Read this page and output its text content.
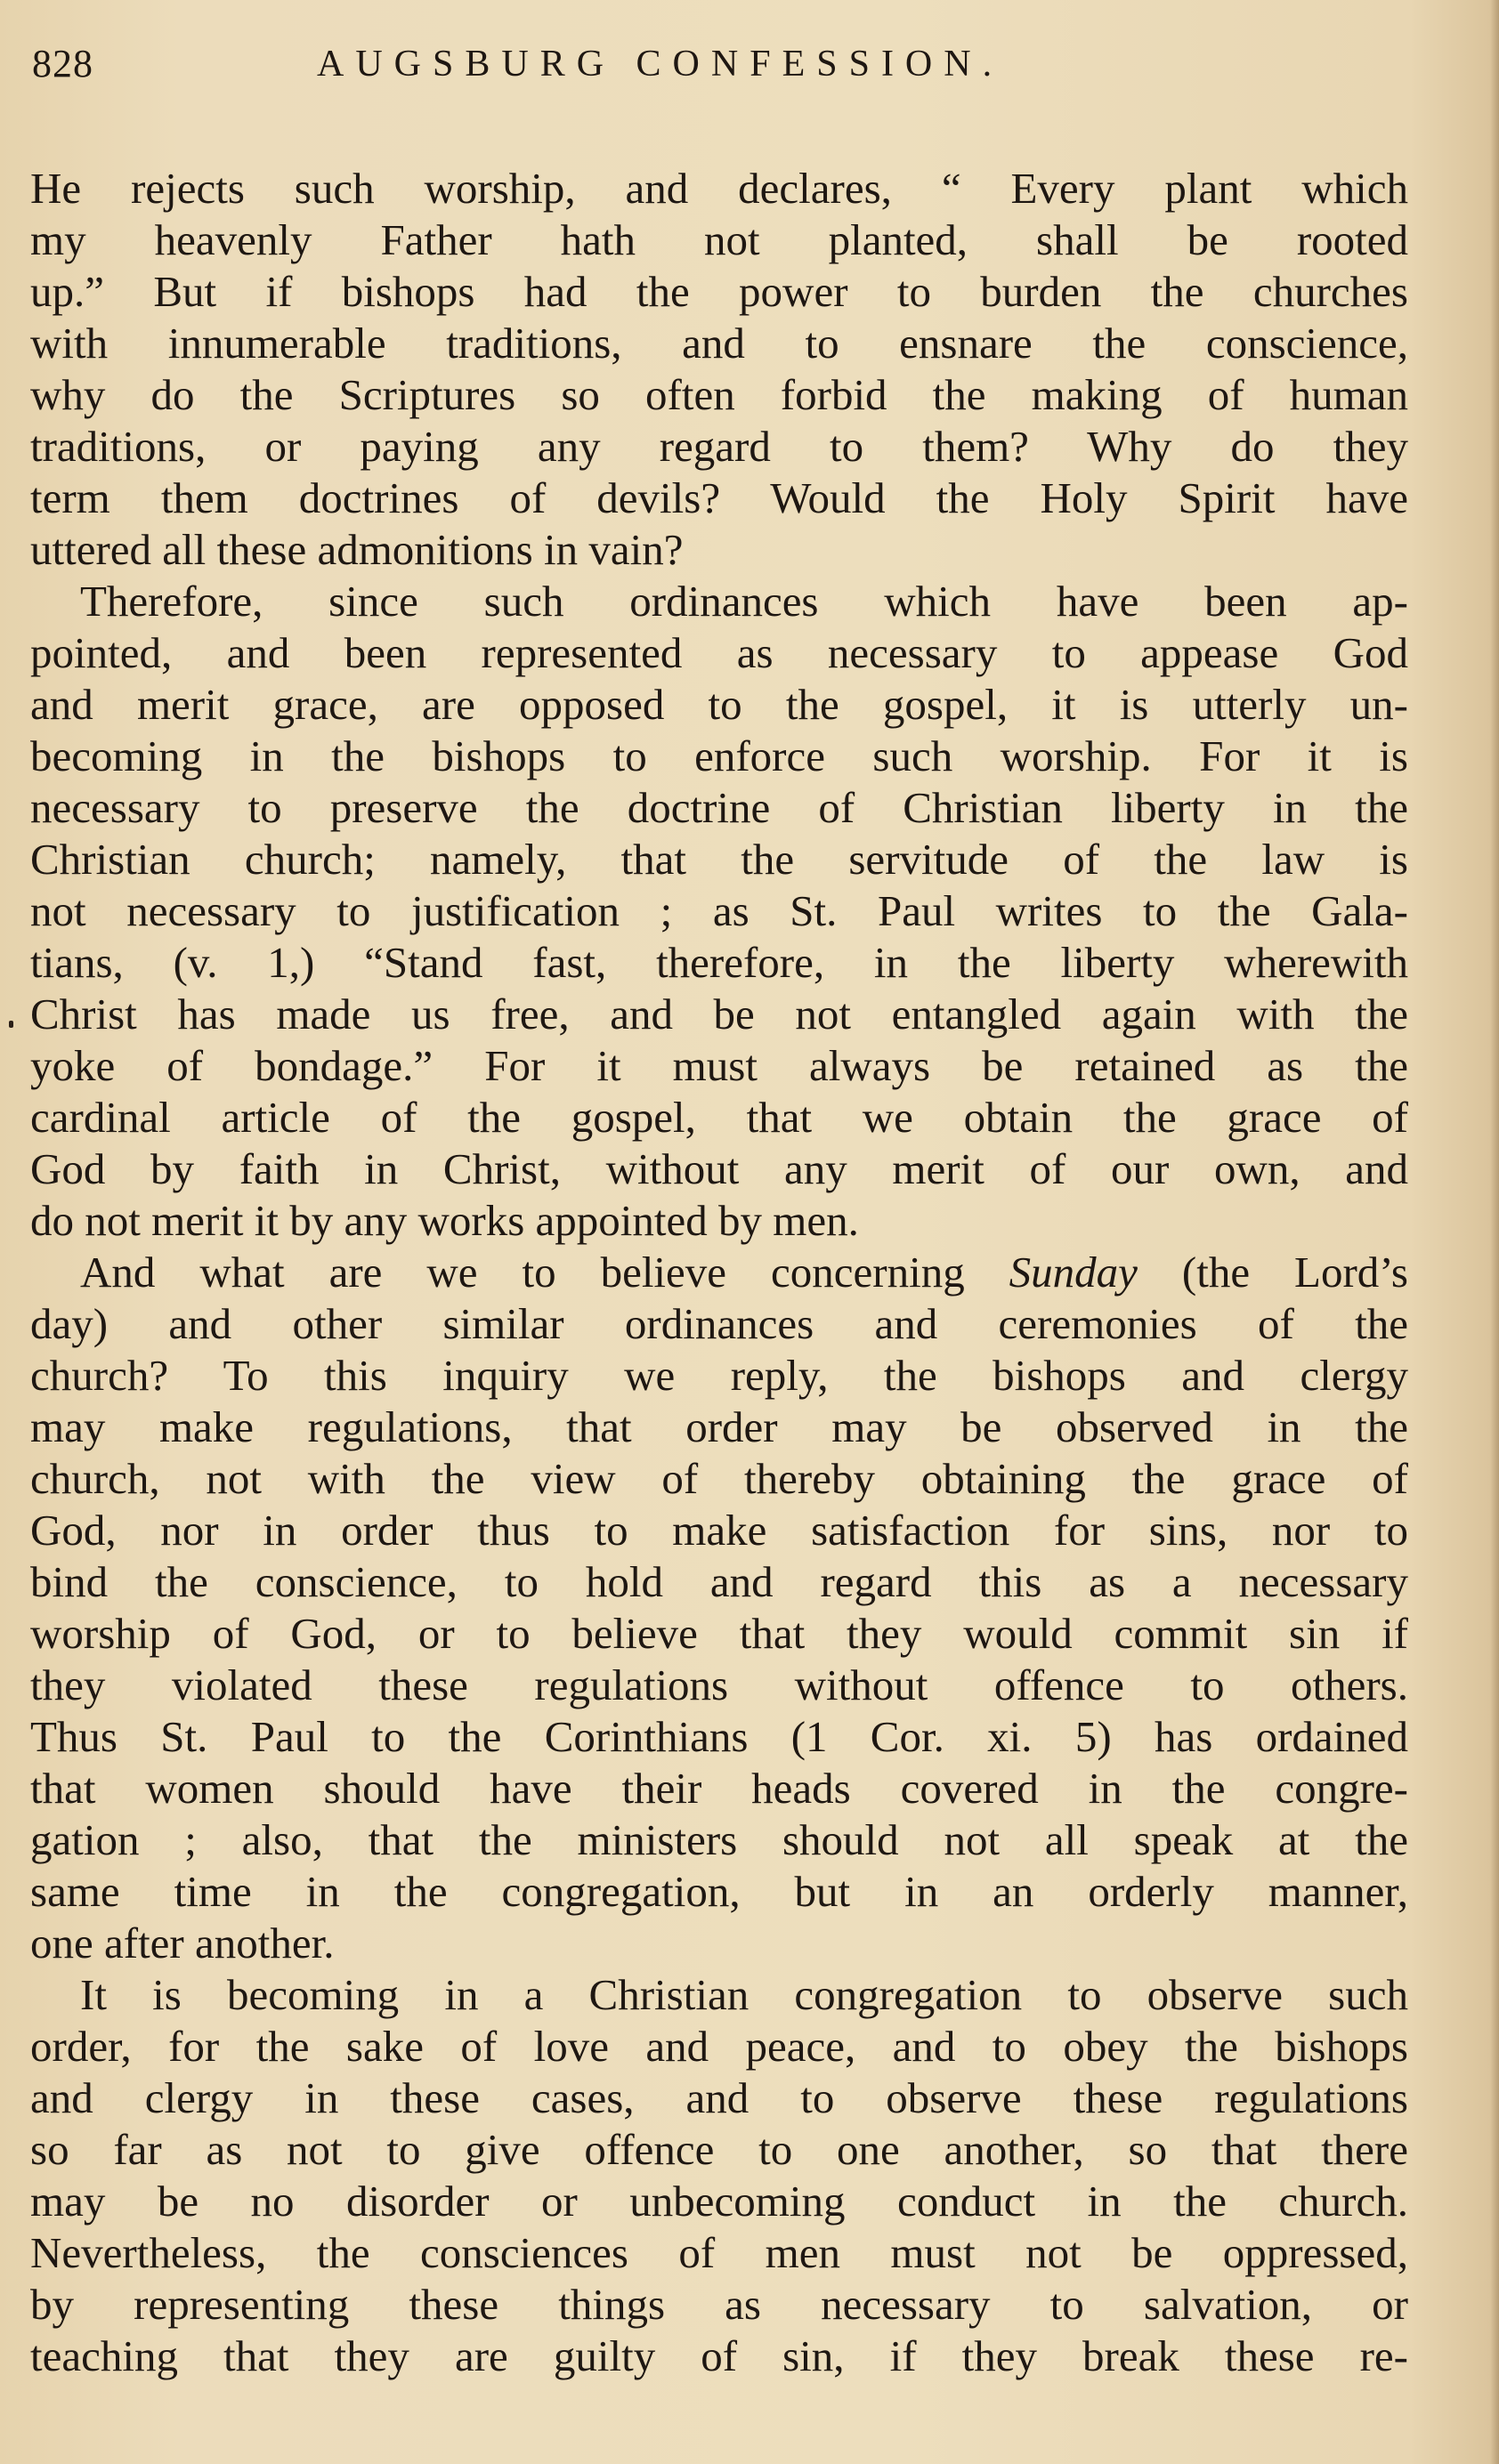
828	AUGSBURG CONFESSION.
He rejects such worship, and declares, “ Every plant which
my heavenly Father hath not planted, shall be rooted
up.” But if bishops had the power to burden the churches
with innumerable traditions, and to ensnare the conscience,
why do the Scriptures so often forbid the making of human
traditions, or paying any regard to them? Why do they
term them doctrines of devils? Would the Holy Spirit have
uttered all these admonitions in vain?
Therefore, since such ordinances which have been ap-
pointed, and been represented as necessary to appease God
and merit grace, are opposed to the gospel, it is utterly un-
becoming in the bishops to enforce such worship. For it is
necessary to preserve the doctrine of Christian liberty in the
Christian church; namely, that the servitude of the law is
not necessary to justification ; as St. Paul writes to the Gala-
tians, (v. 1,) “Stand fast, therefore, in the liberty wherewith
Christ has made us free, and be not entangled again with the
yoke of bondage.” For it must always be retained as the
cardinal article of the gospel, that we obtain the grace of
God by faith in Christ, without any merit of our own, and
do not merit it by any works appointed by men.
And what are we to believe concerning Sunday (the Lord’s
day) and other similar ordinances and ceremonies of the
church? To this inquiry we reply, the bishops and clergy
may make regulations, that order may be observed in the
church, not with the view of thereby obtaining the grace of
God, nor in order thus to make satisfaction for sins, nor to
bind the conscience, to hold and regard this as a necessary
worship of God, or to believe that they would commit sin if
they violated these regulations without offence to others.
Thus St. Paul to the Corinthians (1 Cor. xi. 5) has ordained
that women should have their heads covered in the congre-
gation ; also, that the ministers should not all speak at the
same time in the congregation, but in an orderly manner,
one after another.
It is becoming in a Christian congregation to observe such
order, for the sake of love and peace, and to obey the bishops
and clergy in these cases, and to observe these regulations
so far as not to give offence to one another, so that there
may be no disorder or unbecoming conduct in the church.
Nevertheless, the consciences of men must not be oppressed,
by representing these things as necessary to salvation, or
teaching that they are guilty of sin, if they break these re-
